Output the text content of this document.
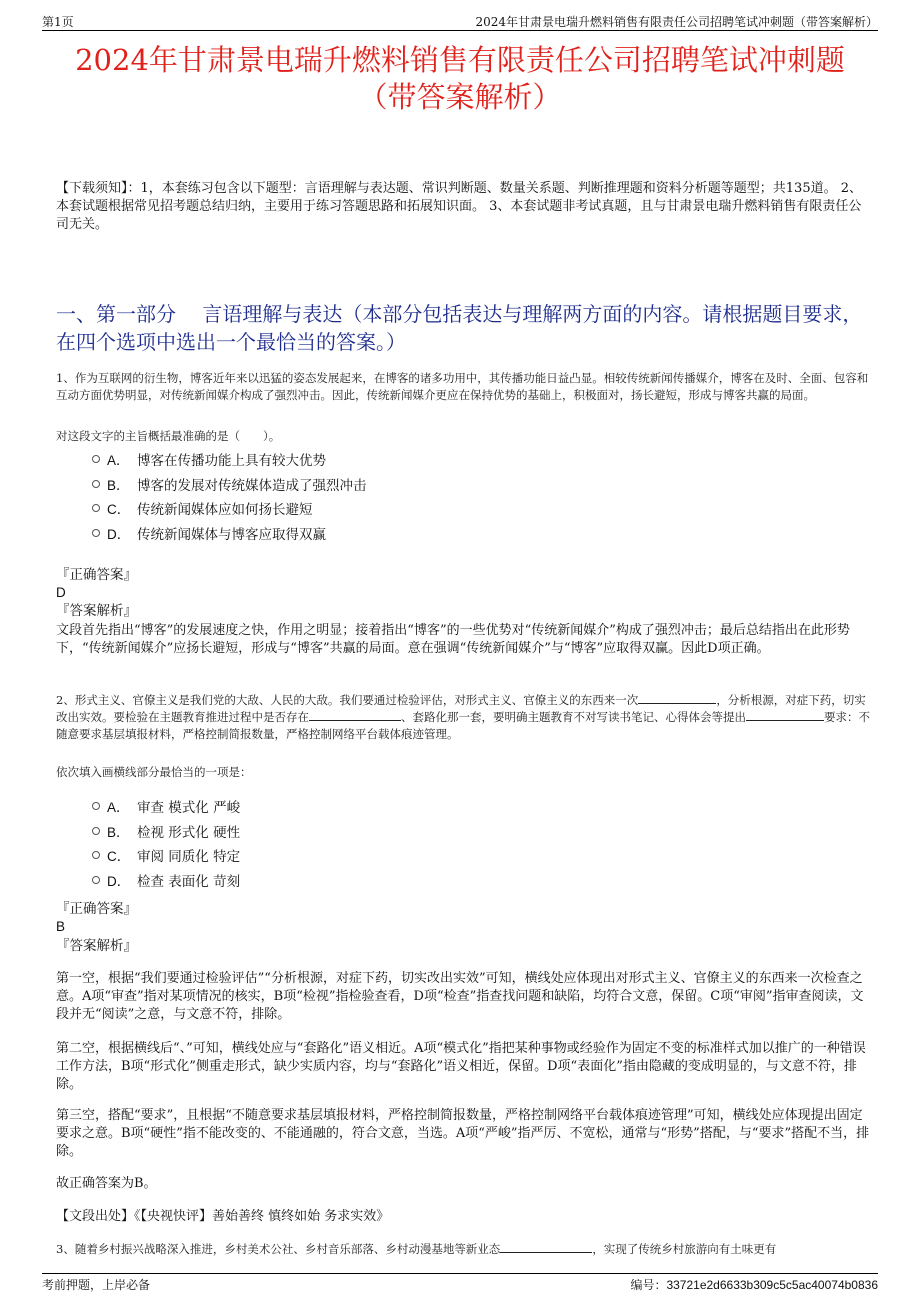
第1页	2024年甘肃景电瑞升燃料销售有限责任公司招聘笔试冲刺题（带答案解析）
2024年甘肃景电瑞升燃料销售有限责任公司招聘笔试冲刺题
（带答案解析）
【下载须知】：1，本套练习包含以下题型：言语理解与表达题、常识判断题、数量关系题、判断推理题和资料分析题等题型；共135道。 2、本套试题根据常见招考题总结归纳，主要用于练习答题思路和拓展知识面。 3、本套试题非考试真题，且与甘肃景电瑞升燃料销售有限责任公司无关。
一、第一部分　 言语理解与表达（本部分包括表达与理解两方面的内容。请根据题目要求，在四个选项中选出一个最恰当的答案。）
1、作为互联网的衍生物，博客近年来以迅猛的姿态发展起来，在博客的诸多功用中，其传播功能日益凸显。相较传统新闻传播媒介，博客在及时、全面、包容和互动方面优势明显，对传统新闻媒介构成了强烈冲击。因此，传统新闻媒介更应在保持优势的基础上，积极面对，扬长避短，形成与博客共赢的局面。
对这段文字的主旨概括最准确的是（　　）。
A． 博客在传播功能上具有较大优势
B． 博客的发展对传统媒体造成了强烈冲击
C． 传统新闻媒体应如何扬长避短
D． 传统新闻媒体与博客应取得双赢
『正确答案』
D
『答案解析』
文段首先指出“博客”的发展速度之快，作用之明显；接着指出“博客”的一些优势对“传统新闻媒介”构成了强烈冲击；最后总结指出在此形势下，“传统新闻媒介”应扬长避短，形成与“博客”共赢的局面。意在强调“传统新闻媒介”与“博客”应取得双赢。因此D项正确。
2、形式主义、官僚主义是我们党的大敌、人民的大敌。我们要通过检验评估，对形式主义、官僚主义的东西来一次	，分析根源，对症下药，切实改出实效。要检验在主题教育推进过程中是否存在	、套路化那一套，要明确主题教育不对写读书笔记、心得体会等提出	要求：不随意要求基层填报材料，严格控制简报数量，严格控制网络平台载体痕迹管理。
依次填入画横线部分最恰当的一项是：
A． 审查 模式化 严峻
B． 检视 形式化 硬性
C． 审阅 同质化 特定
D． 检查 表面化 苛刻
『正确答案』
B
『答案解析』
第一空，根据“我们要通过检验评估”“分析根源，对症下药，切实改出实效”可知，横线处应体现出对形式主义、官僚主义的东西来一次检查之意。A项“审查”指对某项情况的核实，B项“检视”指检验查看，D项“检查”指查找问题和缺陷，均符合文意，保留。C项“审阅”指审查阅读，文段并无“阅读”之意，与文意不符，排除。
第二空，根据横线后“、”可知，横线处应与“套路化”语义相近。A项“模式化”指把某种事物或经验作为固定不变的标准样式加以推广的一种错误工作方法，B项“形式化”侧重走形式，缺少实质内容，均与“套路化”语义相近，保留。D项“表面化”指由隐藏的变成明显的，与文意不符，排除。
第三空，搭配“要求”，且根据“不随意要求基层填报材料，严格控制简报数量，严格控制网络平台载体痕迹管理”可知，横线处应体现提出固定要求之意。B项“硬性”指不能改变的、不能通融的，符合文意，当选。A项“严峻”指严厉、不宽松，通常与“形势”搭配，与“要求”搭配不当，排除。
故正确答案为B。
【文段出处】《【央视快评】善始善终 慎终如始 务求实效》
3、随着乡村振兴战略深入推进，乡村美术公社、乡村音乐部落、乡村动漫基地等新业态	，实现了传统乡村旅游向有土味更有
考前押题，上岸必备	编号：33721e2d6633b309c5c5ac40074b0836
